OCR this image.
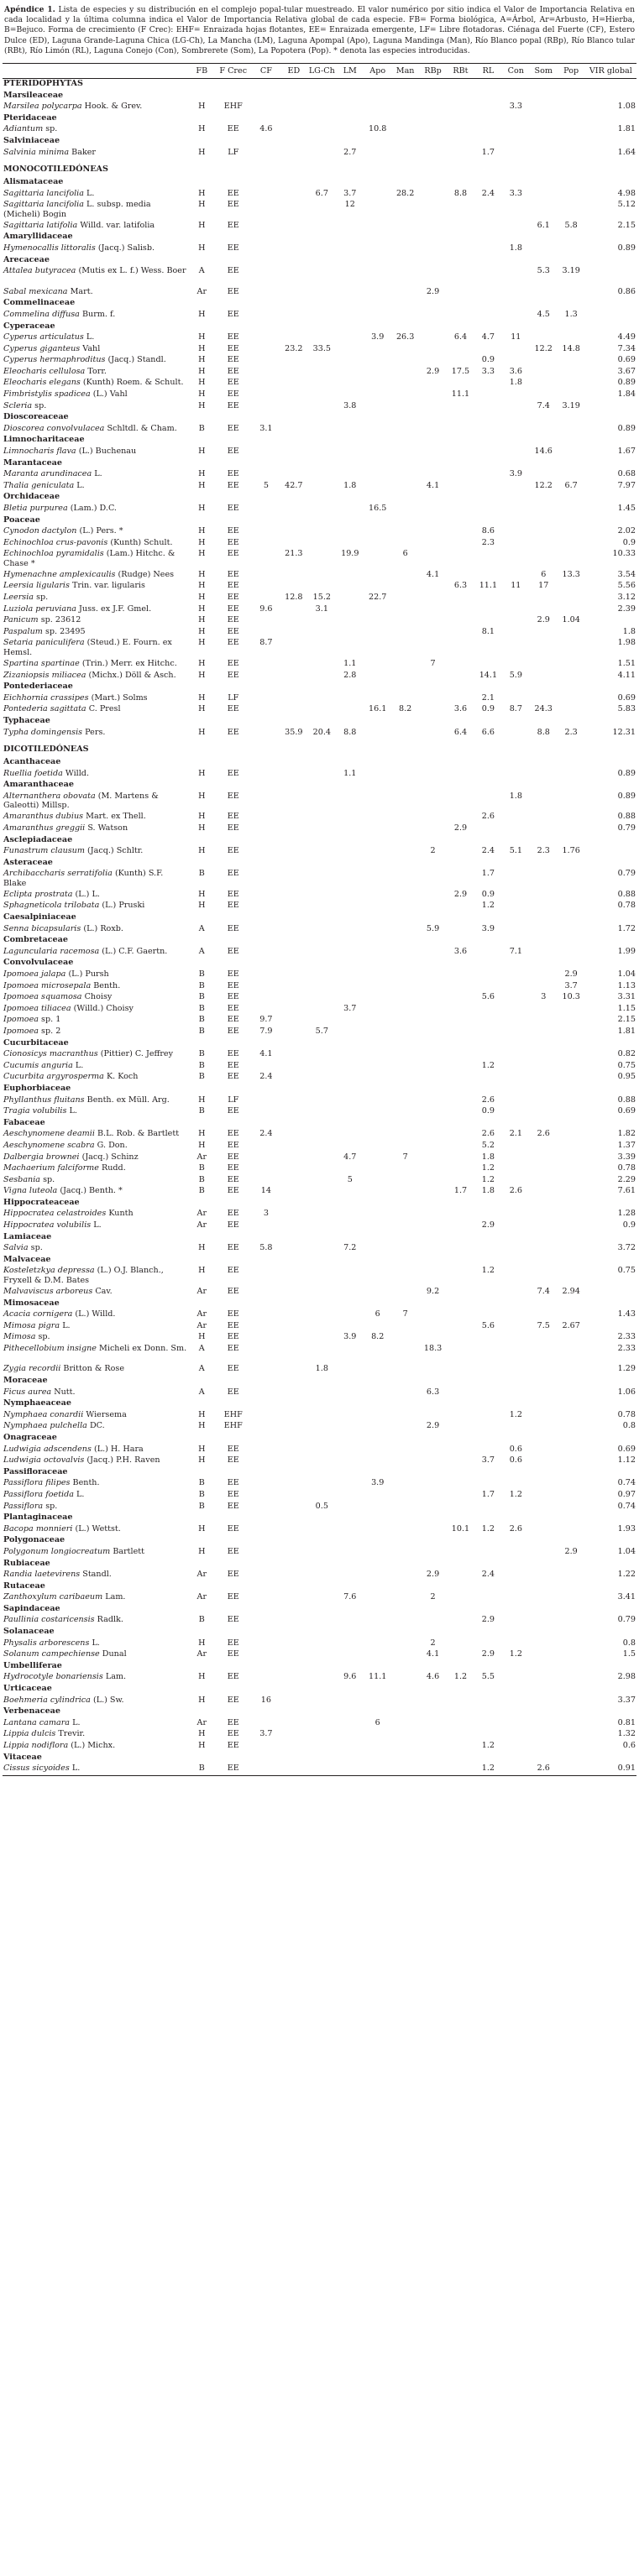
Apéndice 1. Lista de especies y su distribución en el complejo popal-tular muestreado. El valor numérico por sitio indica el Valor de Importancia Relativa en cada localidad y la última columna indica el Valor de Importancia Relativa global de cada especie. FB= Forma biológica, A=Árbol, Ar=Arbusto, H=Hierba, B=Bejuco. Forma de crecimiento (F Crec): EHF= Enraizada hojas flotantes, EE= Enraizada emergente, LF= Libre flotadoras. Ciénaga del Fuerte (CF), Estero Dulce (ED), Laguna Grande-Laguna Chica (LG-Ch), La Mancha (LM), Laguna Apompal (Apo), Laguna Mandinga (Man), Río Blanco popal (RBp), Río Blanco tular (RBt), Río Limón (RL), Laguna Conejo (Con), Sombrerete (Som), La Popotera (Pop). * denota las especies introducidas.

	FB	F Crec	CF	ED	LG-Ch	LM	Apo	Man	RBp	RBt	RL	Con	Som	Pop	VIR global
PTERIDOPHYTAS															
Marsileaceae															
Marsilea polycarpa Hook. & Grev.	H	EHF										3.3			1.08
Pteridaceae															
Adiantum sp.	H	EE	4.6				10.8								1.81
Salviniaceae															
Salvinia minima Baker	H	LF				2.7					1.7				1.64
MONOCOTILEDÓNEAS															
Alismataceae															
Sagittaria lancifolia L.	H	EE			6.7	3.7		28.2		8.8	2.4	3.3			4.98
Sagittaria lancifolia L. subsp. media (Micheli) Bogin	H	EE				12									5.12
Sagittaria latifolia Willd. var. latifolia	H	EE											6.1	5.8	2.15
Amaryllidaceae															
Hymenocallis littoralis (Jacq.) Salisb.	H	EE										1.8			0.89
Arecaceae															
Attalea butyracea (Mutis ex L. f.) Wess. Boer	A	EE											5.3	3.19	
Sabal mexicana Mart.	Ar	EE							2.9						0.86
Commelinaceae															
Commelina diffusa Burm. f.	H	EE											4.5	1.3	
Cyperaceae															
Cyperus articulatus L.	H	EE					3.9	26.3		6.4	4.7	11			4.49
Cyperus giganteus Vahl	H	EE		23.2	33.5								12.2	14.8	7.34
Cyperus hermaphroditus (Jacq.) Standl.	H	EE									0.9				0.69
Eleocharis cellulosa Torr.	H	EE							2.9	17.5	3.3	3.6			3.67
Eleocharis elegans (Kunth) Roem. & Schult.	H	EE										1.8			0.89
Fimbristylis spadicea (L.) Vahl	H	EE								11.1					1.84
Scleria sp.	H	EE				3.8							7.4	3.19	
Dioscoreaceae															
Dioscorea convolvulacea Schltdl. & Cham.	B	EE	3.1												0.89
Limnocharitaceae															
Limnocharis flava (L.) Buchenau	H	EE											14.6		1.67
Marantaceae															
Maranta arundinacea L.	H	EE										3.9			0.68
Thalia geniculata L.	H	EE	5	42.7		1.8			4.1				12.2	6.7	7.97
Orchidaceae															
Bletia purpurea (Lam.) D.C.	H	EE					16.5								1.45
Poaceae															
Cynodon dactylon (L.) Pers. *	H	EE									8.6				2.02
Echinochloa crus-pavonis (Kunth) Schult.	H	EE									2.3				0.9
Echinochloa pyramidalis (Lam.) Hitchc. & Chase *	H	EE		21.3		19.9		6							10.33
Hymenachne amplexicaulis (Rudge) Nees	H	EE							4.1				6	13.3	3.54
Leersia ligularis Trin. var. ligularis	H	EE								6.3	11.1	11	17		5.56
Leersia sp.	H	EE		12.8	15.2		22.7								3.12
Luziola peruviana Juss. ex J.F. Gmel.	H	EE	9.6		3.1										2.39
Panicum sp. 23612	H	EE											2.9	1.04	
Paspalum sp. 23495	H	EE									8.1				1.8
Setaria paniculifera (Steud.) E. Fourn. ex Hemsl.	H	EE	8.7												1.98
Spartina spartinae (Trin.) Merr. ex Hitchc.	H	EE				1.1			7						1.51
Zizaniopsis miliacea (Michx.) Döll & Asch.	H	EE				2.8					14.1	5.9			4.11
Pontederiaceae															
Eichhornia crassipes (Mart.) Solms	H	LF									2.1				0.69
Pontederia sagittata C. Presl	H	EE					16.1	8.2		3.6	0.9	8.7	24.3		5.83
Typhaceae															
Typha domingensis Pers.	H	EE		35.9	20.4	8.8				6.4	6.6		8.8	2.3	12.31
DICOTILEDÓNEAS															
Acanthaceae															
Ruellia foetida Willd.	H	EE				1.1									0.89
Amaranthaceae															
Alternanthera obovata (M. Martens & Galeotti) Millsp.	H	EE										1.8			0.89
Amaranthus dubius Mart. ex Thell.	H	EE									2.6				0.88
Amaranthus greggii S. Watson	H	EE								2.9					0.79
Asclepiadaceae															
Funastrum clausum (Jacq.) Schltr.	H	EE							2		2.4	5.1	2.3	1.76	
Asteraceae															
Archibaccharis serratifolia (Kunth) S.F. Blake	B	EE									1.7				0.79
Eclipta prostrata (L.) L.	H	EE								2.9	0.9				0.88
Sphagneticola trilobata (L.) Pruski	H	EE									1.2				0.78
Caesalpiniaceae															
Senna bicapsularis (L.) Roxb.	A	EE							5.9		3.9				1.72
Combretaceae															
Laguncularia racemosa (L.) C.F. Gaertn.	A	EE								3.6		7.1			1.99
Convolvulaceae															
Ipomoea jalapa (L.) Pursh	B	EE												2.9	1.04
Ipomoea microsepala Benth.	B	EE												3.7	1.13
Ipomoea squamosa Choisy	B	EE									5.6		3	10.3	3.31
Ipomoea tiliacea (Willd.) Choisy	B	EE				3.7									1.15
Ipomoea sp. 1	B	EE	9.7												2.15
Ipomoea sp. 2	B	EE	7.9		5.7										1.81
Cucurbitaceae															
Cionosicys macranthus (Pittier) C. Jeffrey	B	EE	4.1												0.82
Cucumis anguria L.	B	EE									1.2				0.75
Cucurbita argyrosperma K. Koch	B	EE	2.4												0.95
Euphorbiaceae															
Phyllanthus fluitans Benth. ex Müll. Arg.	H	LF									2.6				0.88
Tragia volubilis L.	B	EE									0.9				0.69
Fabaceae															
Aeschynomene deamii B.L. Rob. & Bartlett	H	EE	2.4								2.6	2.1	2.6		1.82
Aeschynomene scabra G. Don.	H	EE									5.2				1.37
Dalbergia brownei (Jacq.) Schinz	Ar	EE				4.7		7			1.8				3.39
Machaerium falciforme Rudd.	B	EE									1.2				0.78
Sesbania sp.	B	EE				5					1.2				2.29
Vigna luteola (Jacq.) Benth. *	B	EE	14							1.7	1.8	2.6			7.61
Hippocrateaceae															
Hippocratea celastroides Kunth	Ar	EE	3												1.28
Hippocratea volubilis L.	Ar	EE									2.9				0.9
Lamiaceae															
Salvia sp.	H	EE	5.8			7.2									3.72
Malvaceae															
Kosteletzkya depressa (L.) O.J. Blanch., Fryxell & D.M. Bates	H	EE									1.2				0.75
Malvaviscus arboreus Cav.	Ar	EE							9.2				7.4	2.94	
Mimosaceae															
Acacia cornigera (L.) Willd.	Ar	EE					6	7							1.43
Mimosa pigra L.	Ar	EE									5.6		7.5	2.67	
Mimosa sp.	H	EE				3.9	8.2								2.33
Pithecellobium insigne Micheli ex Donn. Sm.	A	EE							18.3						2.33
Zygia recordii Britton & Rose	A	EE			1.8										1.29
Moraceae															
Ficus aurea Nutt.	A	EE							6.3						1.06
Nymphaeaceae															
Nymphaea conardii Wiersema	H	EHF										1.2			0.78
Nymphaea pulchella DC.	H	EHF							2.9						0.8
Onagraceae															
Ludwigia adscendens (L.) H. Hara	H	EE										0.6			0.69
Ludwigia octovalvis (Jacq.) P.H. Raven	H	EE									3.7	0.6			1.12
Passifloraceae															
Passiflora filipes Benth.	B	EE					3.9								0.74
Passiflora foetida L.	B	EE									1.7	1.2			0.97
Passiflora sp.	B	EE			0.5										0.74
Plantaginaceae															
Bacopa monnieri (L.) Wettst.	H	EE								10.1	1.2	2.6			1.93
Polygonaceae															
Polygonum longiocreatum Bartlett	H	EE												2.9	1.04
Rubiaceae															
Randia laetevirens Standl.	Ar	EE							2.9		2.4				1.22
Rutaceae															
Zanthoxylum caribaeum Lam.	Ar	EE				7.6			2						3.41
Sapindaceae															
Paullinia costaricensis Radlk.	B	EE									2.9				0.79
Solanaceae															
Physalis arborescens L.	H	EE							2						0.8
Solanum campechiense Dunal	Ar	EE							4.1		2.9	1.2			1.5
Umbelliferae															
Hydrocotyle bonariensis Lam.	H	EE				9.6	11.1		4.6	1.2	5.5				2.98
Urticaceae															
Boehmeria cylindrica (L.) Sw.	H	EE	16												3.37
Verbenaceae															
Lantana camara L.	Ar	EE					6								0.81
Lippia dulcis Trevir.	H	EE	3.7												1.32
Lippia nodiflora (L.) Michx.	H	EE									1.2				0.6
Vitaceae															
Cissus sicyoides L.	B	EE									1.2		2.6		0.91
